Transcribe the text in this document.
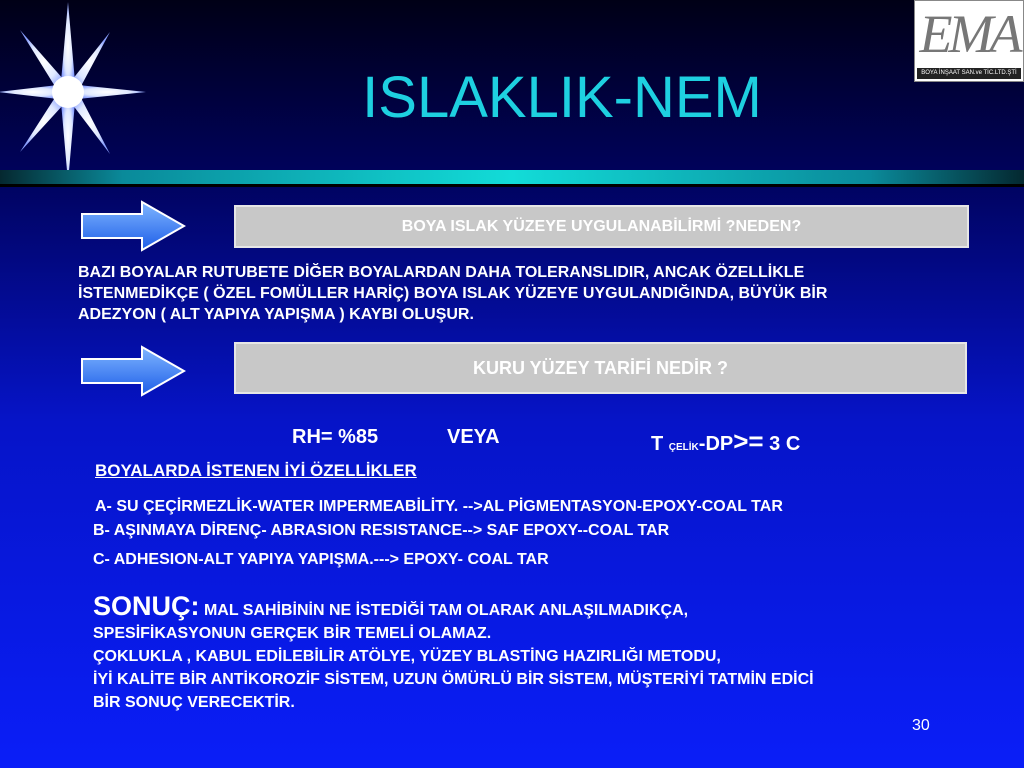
EMA
BOYA İNŞAAT SAN.ve TİC.LTD.ŞTİ
ISLAKLIK-NEM
BOYA ISLAK YÜZEYE UYGULANABİLİRMİ ?NEDEN?
BAZI BOYALAR RUTUBETE DİĞER BOYALARDAN DAHA TOLERANSLIDIR, ANCAK ÖZELLİKLE
İSTENMEDİKÇE ( ÖZEL FOMÜLLER HARİÇ) BOYA ISLAK YÜZEYE UYGULANDIĞINDA, BÜYÜK BİR
ADEZYON ( ALT YAPIYA YAPIŞMA ) KAYBI OLUŞUR.
KURU YÜZEY TARİFİ NEDİR ?
RH= %85	VEYA	T ÇELİK-DP>= 3 C
BOYALARDA İSTENEN İYİ ÖZELLİKLER
A- SU ÇEÇİRMEZLİK-WATER IMPERMEABİLİTY. -->AL PİGMENTASYON-EPOXY-COAL TAR
B- AŞINMAYA DİRENÇ- ABRASION RESISTANCE--> SAF EPOXY--COAL TAR
C- ADHESION-ALT YAPIYA YAPIŞMA.---> EPOXY- COAL TAR
SONUÇ: MAL SAHİBİNİN NE İSTEDİĞİ TAM OLARAK ANLAŞILMADIKÇA,
SPESİFİKASYONUN GERÇEK BİR TEMELİ OLAMAZ.
ÇOKLUKLA , KABUL EDİLEBİLİR ATÖLYE, YÜZEY BLASTİNG HAZIRLIĞI METODU,
İYİ KALİTE BİR ANTİKOROZİF SİSTEM, UZUN ÖMÜRLÜ BİR SİSTEM, MÜŞTERİYİ TATMİN EDİCİ
BİR SONUÇ VERECEKTİR.
30
